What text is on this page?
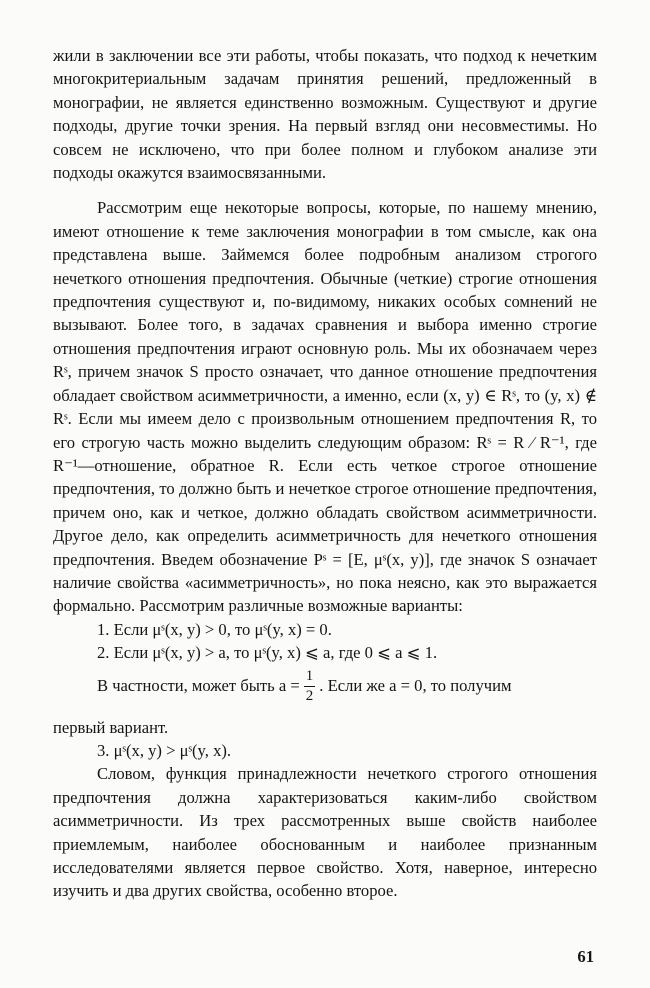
жили в заключении все эти работы, чтобы показать, что подход к нечетким многокритериальным задачам принятия решений, предложенный в монографии, не является единственно возможным. Существуют и другие подходы, другие точки зрения. На первый взгляд они несовместимы. Но совсем не исключено, что при более полном и глубоком анализе эти подходы окажутся взаимосвязанными.

Рассмотрим еще некоторые вопросы, которые, по нашему мнению, имеют отношение к теме заключения монографии в том смысле, как она представлена выше. Займемся более подробным анализом строгого нечеткого отношения предпочтения. Обычные (четкие) строгие отношения предпочтения существуют и, по-видимому, никаких особых сомнений не вызывают. Более того, в задачах сравнения и выбора именно строгие отношения предпочтения играют основную роль. Мы их обозначаем через Rˢ, причем значок S просто означает, что данное отношение предпочтения обладает свойством асимметричности, а именно, если (x, y) ∈ Rˢ, то (y, x) ∉ Rˢ. Если мы имеем дело с произвольным отношением предпочтения R, то его строгую часть можно выделить следующим образом: Rˢ = R ∕ R⁻¹, где R⁻¹—отношение, обратное R. Если есть четкое строгое отношение предпочтения, то должно быть и нечеткое строгое отношение предпочтения, причем оно, как и четкое, должно обладать свойством асимметричности. Другое дело, как определить асимметричность для нечеткого отношения предпочтения. Введем обозначение Pˢ = [E, μˢ(x, y)], где значок S означает наличие свойства «асимметричность», но пока неясно, как это выражается формально. Рассмотрим различные возможные варианты:

1. Если μˢ(x, y) > 0, то μˢ(y, x) = 0.

2. Если μˢ(x, y) > a, то μˢ(y, x) ⩽ a, где 0 ⩽ a ⩽ 1.

В частности, может быть $a = \frac{1}{2}$ . Если же a = 0, то получим

первый вариант.

3. μˢ(x, y) > μˢ(y, x).

Словом, функция принадлежности нечеткого строгого отношения предпочтения должна характеризоваться каким-либо свойством асимметричности. Из трех рассмотренных выше свойств наиболее приемлемым, наиболее обоснованным и наиболее признанным исследователями является первое свойство. Хотя, наверное, интересно изучить и два других свойства, особенно второе.

61
